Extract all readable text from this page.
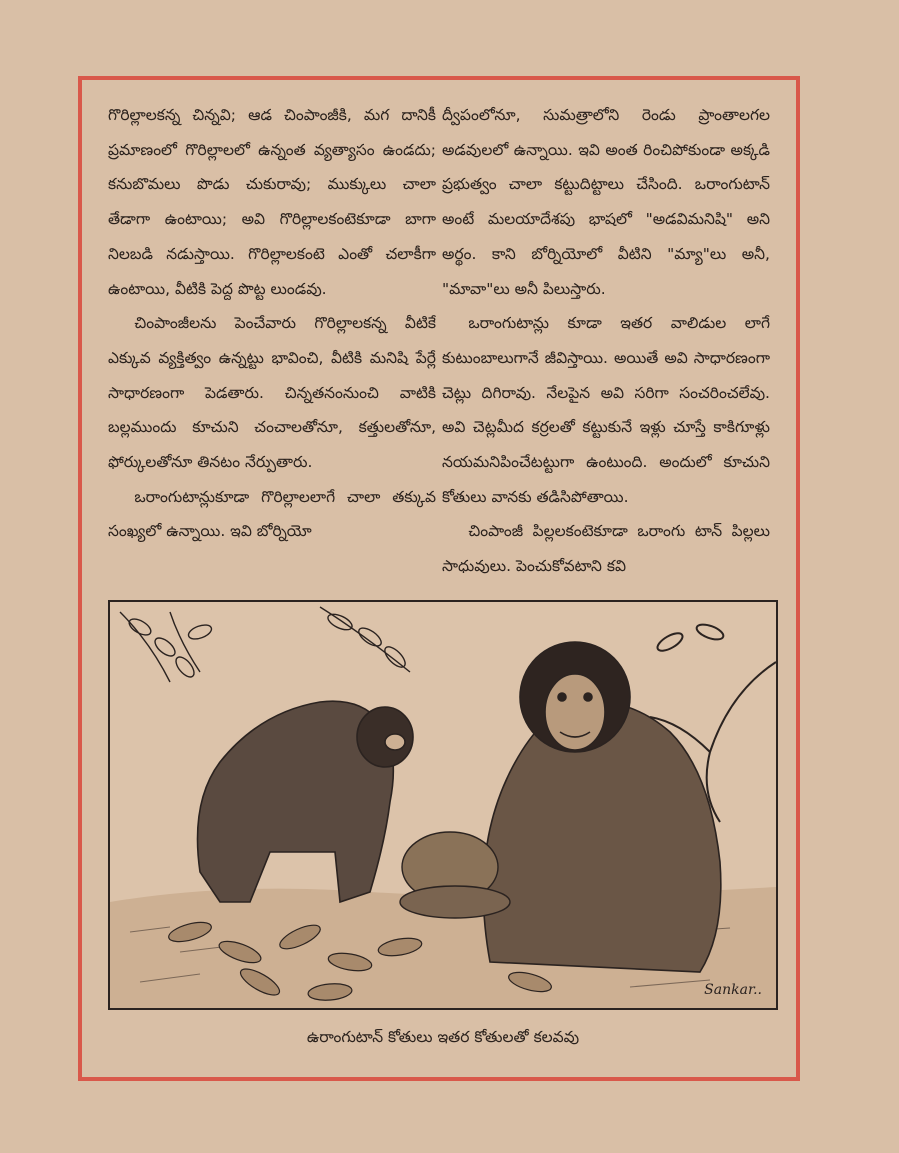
గొరిల్లాలకన్న చిన్నవి; ఆడ చింపాంజీకి, మగ దానికీ ప్రమాణంలో గొరిల్లాలలో ఉన్నంత వ్యత్యాసం ఉండదు; కనుబొమలు పొడు చుకురావు; ముక్కులు చాలా తేడాగా ఉంటాయి; అవి గొరిల్లాలకంటెకూడా బాగా నిలబడి నడుస్తాయి. గొరిల్లాలకంటె ఎంతో చలాకీగా ఉంటాయి, వీటికి పెద్ద పొట్ట లుండవు.

చింపాంజీలను పెంచేవారు గొరిల్లాలకన్న వీటికే ఎక్కువ వ్యక్తిత్వం ఉన్నట్టు భావించి, వీటికి మనిషి పేర్లే సాధారణంగా పెడతారు. చిన్నతనంనుంచి వాటికి బల్లముందు కూచుని చంచాలతోనూ, కత్తులతోనూ, ఫోర్కులతోనూ తినటం నేర్పుతారు.

ఒరాంగుటాన్లుకూడా గొరిల్లాలలాగే చాలా తక్కువ సంఖ్యలో ఉన్నాయి. ఇవి బోర్నియో

ద్వీపంలోనూ, సుమత్రాలోని రెండు ప్రాంతాలగల అడవులలో ఉన్నాయి. ఇవి అంత రించిపోకుండా అక్కడి ప్రభుత్వం చాలా కట్టుదిట్టాలు చేసింది. ఒరాంగుటాన్ అంటే మలయాదేశపు భాషలో "అడవిమనిషి" అని అర్థం. కాని బోర్నియోలో వీటిని "మ్యా"లు అనీ, "మావా"లు అనీ పిలుస్తారు.

ఒరాంగుటాన్లు కూడా ఇతర వాలిడుల లాగే కుటుంబాలుగానే జీవిస్తాయి. అయితే అవి సాధారణంగా చెట్లు దిగిరావు. నేలపైన అవి సరిగా సంచరించలేవు. అవి చెట్లమీద కర్రలతో కట్టుకునే ఇళ్లు చూస్తే కాకిగూళ్లు నయమనిపించేటట్టుగా ఉంటుంది. అందులో కూచుని కోతులు వానకు తడిసిపోతాయి.

చింపాంజీ పిల్లలకంటెకూడా ఒరాంగు టాన్ పిల్లలు సాధువులు. పెంచుకోవటాని కవి

Sankar..
ఉరాంగుటాన్ కోతులు ఇతర కోతులతో కలవవు
